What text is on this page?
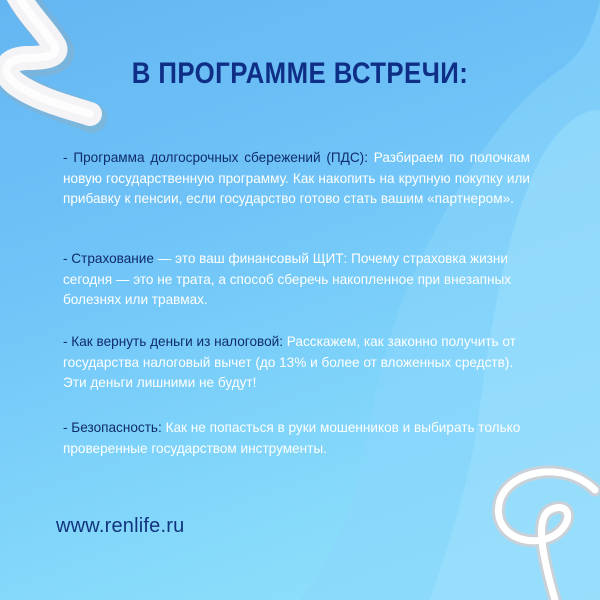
В ПРОГРАММЕ ВСТРЕЧИ:

- Программа долгосрочных сбережений (ПДС): Разбираем по полочкам новую государственную программу. Как накопить на крупную покупку или прибавку к пенсии, если государство готово стать вашим «партнером».

- Страхование — это ваш финансовый ЩИТ: Почему страховка жизни сегодня — это не трата, а способ сберечь накопленное при внезапных болезнях или травмах.

- Как вернуть деньги из налоговой: Расскажем, как законно получить от государства налоговый вычет (до 13% и более от вложенных средств). Эти деньги лишними не будут!

- Безопасность: Как не попасться в руки мошенников и выбирать только проверенные государством инструменты.

www.renlife.ru
